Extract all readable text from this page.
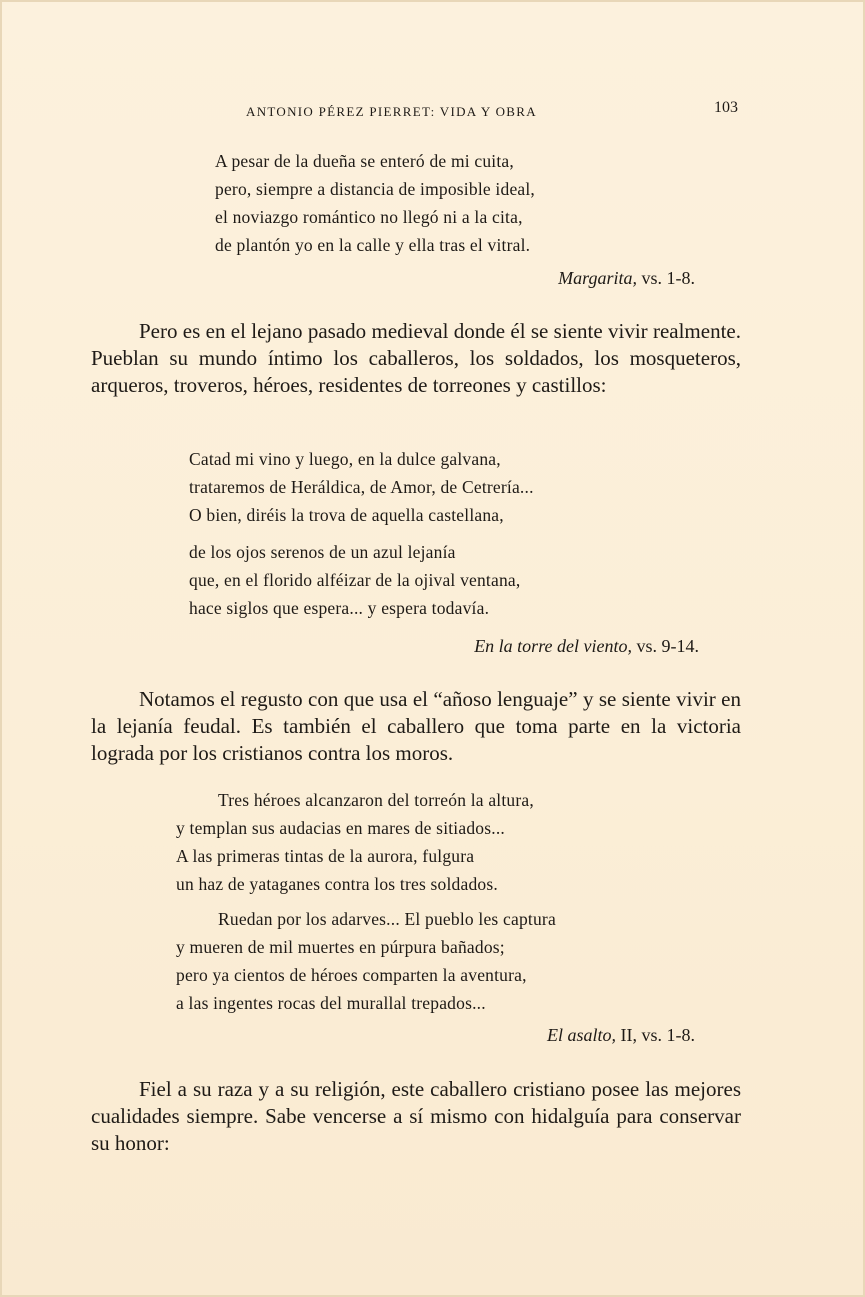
ANTONIO PÉREZ PIERRET: VIDA Y OBRA	103
A pesar de la dueña se enteró de mi cuita,
pero, siempre a distancia de imposible ideal,
el noviazgo romántico no llegó ni a la cita,
de plantón yo en la calle y ella tras el vitral.
Margarita, vs. 1-8.

Pero es en el lejano pasado medieval donde él se siente vivir realmente. Pueblan su mundo íntimo los caballeros, los soldados, los mosqueteros, arqueros, troveros, héroes, residentes de torreones y castillos:

Catad mi vino y luego, en la dulce galvana,
trataremos de Heráldica, de Amor, de Cetrería...
O bien, diréis la trova de aquella castellana,
de los ojos serenos de un azul lejanía
que, en el florido alféizar de la ojival ventana,
hace siglos que espera... y espera todavía.
En la torre del viento, vs. 9-14.

Notamos el regusto con que usa el “añoso lenguaje” y se siente vivir en la lejanía feudal. Es también el caballero que toma parte en la victoria lograda por los cristianos contra los moros.

Tres héroes alcanzaron del torreón la altura,
y templan sus audacias en mares de sitiados...
A las primeras tintas de la aurora, fulgura
un haz de yataganes contra los tres soldados.
Ruedan por los adarves... El pueblo les captura
y mueren de mil muertes en púrpura bañados;
pero ya cientos de héroes comparten la aventura,
a las ingentes rocas del murallal trepados...
El asalto, II, vs. 1-8.

Fiel a su raza y a su religión, este caballero cristiano posee las mejores cualidades siempre. Sabe vencerse a sí mismo con hidalguía para conservar su honor:
